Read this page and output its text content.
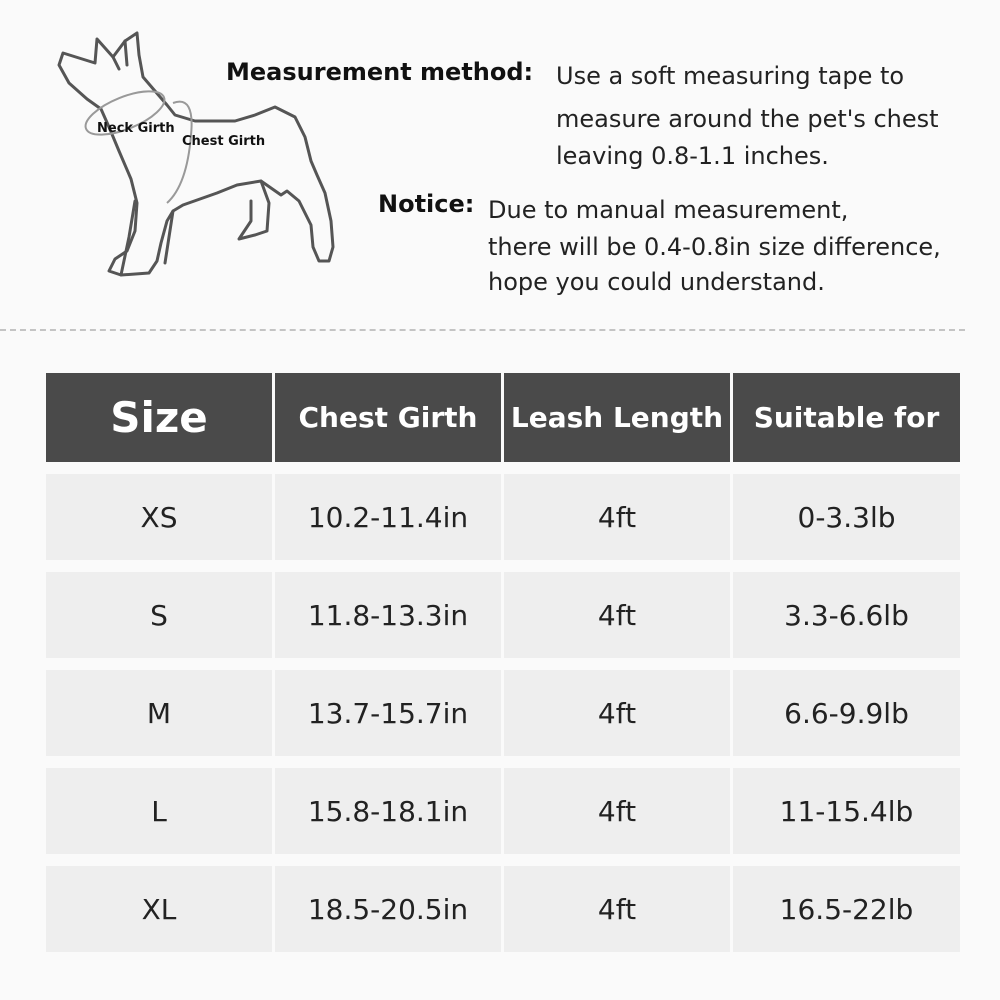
Neck Girth
Chest Girth
Measurement method: Use a soft measuring tape to
measure around the pet's chest
leaving 0.8-1.1 inches.
Notice: Due to manual measurement,
there will be 0.4-0.8in size difference,
hope you could understand.
Size	Chest Girth	Leash Length	Suitable for
XS	10.2-11.4in	4ft	0-3.3lb
S	11.8-13.3in	4ft	3.3-6.6lb
M	13.7-15.7in	4ft	6.6-9.9lb
L	15.8-18.1in	4ft	11-15.4lb
XL	18.5-20.5in	4ft	16.5-22lb
